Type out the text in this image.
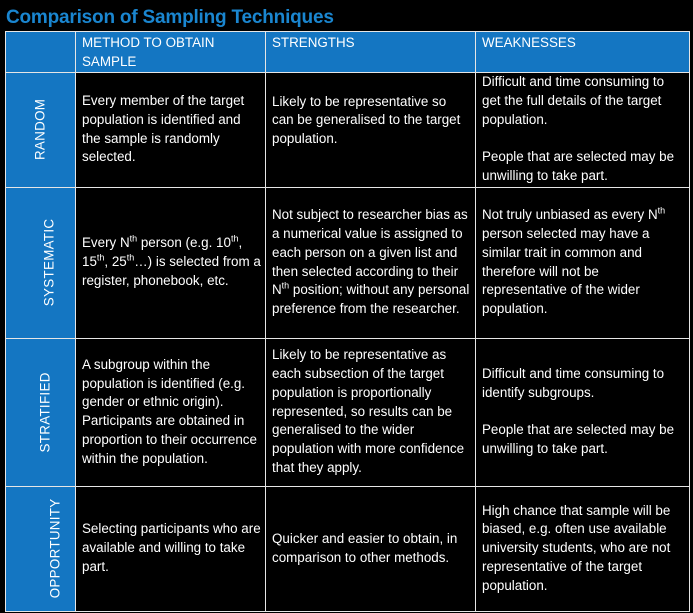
Comparison of Sampling Techniques
	METHOD TO OBTAIN SAMPLE	STRENGTHS	WEAKNESSES
RANDOM	Every member of the target population is identified and the sample is randomly selected.	Likely to be representative so can be generalised to the target population.	Difficult and time consuming to get the full details of the target population.
People that are selected may be unwilling to take part.
SYSTEMATIC	Every $N^{th}$ person (e.g. 10th, 15th, 25th…) is selected from a register, phonebook, etc.	Not subject to researcher bias as a numerical value is assigned to each person on a given list and then selected according to their $N^{th}$ position; without any personal preference from the researcher.	Not truly unbiased as every $N^{th}$ person selected may have a similar trait in common and therefore will not be representative of the wider population.
STRATIFIED	A subgroup within the population is identified (e.g. gender or ethnic origin). Participants are obtained in proportion to their occurrence within the population.	Likely to be representative as each subsection of the target population is proportionally represented, so results can be generalised to the wider population with more confidence that they apply.	Difficult and time consuming to identify subgroups.
People that are selected may be unwilling to take part.
OPPORTUNITY	Selecting participants who are available and willing to take part.	Quicker and easier to obtain, in comparison to other methods.	High chance that sample will be biased, e.g. often use available university students, who are not representative of the target population.
